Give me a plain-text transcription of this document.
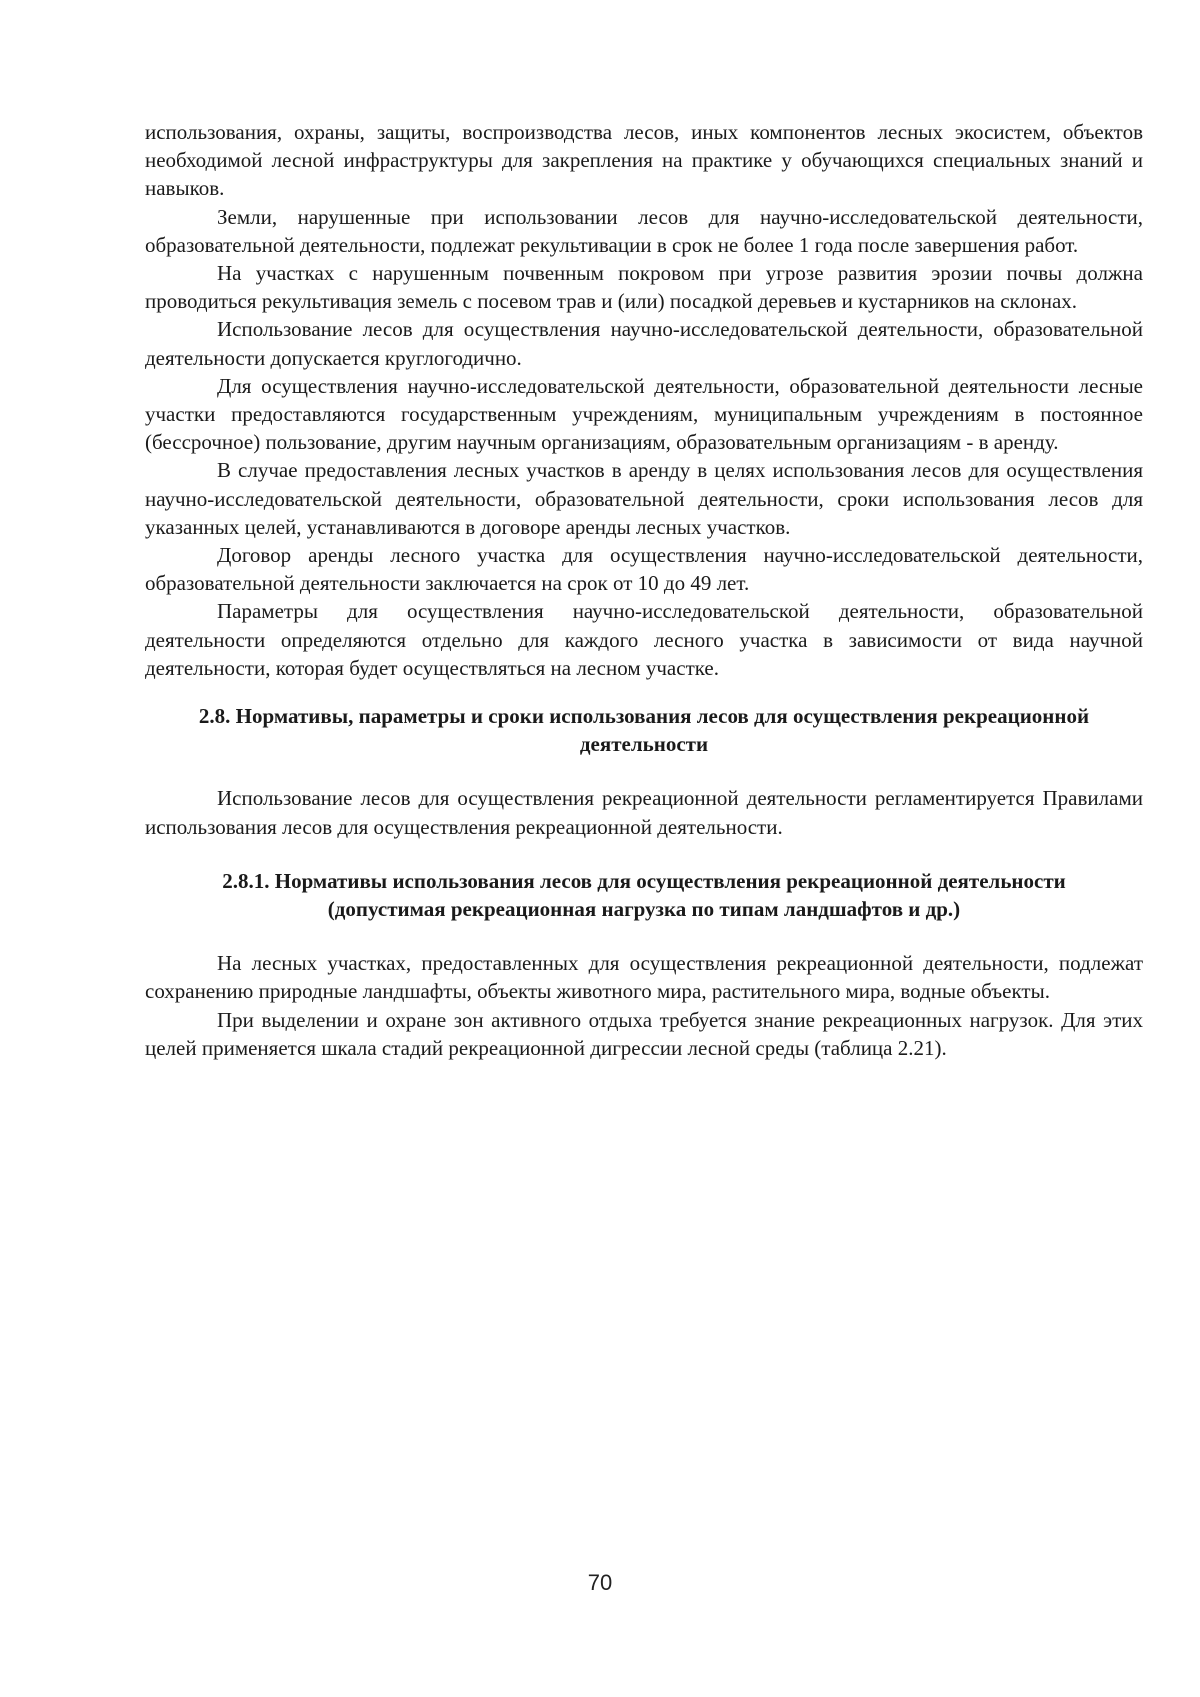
использования, охраны, защиты, воспроизводства лесов, иных компонентов лесных экосистем, объектов необходимой лесной инфраструктуры для закрепления на практике у обучающихся специальных знаний и навыков.

Земли, нарушенные при использовании лесов для научно-исследовательской деятельности, образовательной деятельности, подлежат рекультивации в срок не более 1 года после завершения работ.

На участках с нарушенным почвенным покровом при угрозе развития эрозии почвы должна проводиться рекультивация земель с посевом трав и (или) посадкой деревьев и кустарников на склонах.

Использование лесов для осуществления научно-исследовательской деятельности, образовательной деятельности допускается круглогодично.

Для осуществления научно-исследовательской деятельности, образовательной деятельности лесные участки предоставляются государственным учреждениям, муниципальным учреждениям в постоянное (бессрочное) пользование, другим научным организациям, образовательным организациям - в аренду.

В случае предоставления лесных участков в аренду в целях использования лесов для осуществления научно-исследовательской деятельности, образовательной деятельности, сроки использования лесов для указанных целей, устанавливаются в договоре аренды лесных участков.

Договор аренды лесного участка для осуществления научно-исследовательской деятельности, образовательной деятельности заключается на срок от 10 до 49 лет.

Параметры для осуществления научно-исследовательской деятельности, образовательной деятельности определяются отдельно для каждого лесного участка в зависимости от вида научной деятельности, которая будет осуществляться на лесном участке.

2.8. Нормативы, параметры и сроки использования лесов для осуществления рекреационной деятельности

Использование лесов для осуществления рекреационной деятельности регламентируется Правилами использования лесов для осуществления рекреационной деятельности.

2.8.1. Нормативы использования лесов для осуществления рекреационной деятельности (допустимая рекреационная нагрузка по типам ландшафтов и др.)

На лесных участках, предоставленных для осуществления рекреационной деятельности, подлежат сохранению природные ландшафты, объекты животного мира, растительного мира, водные объекты.

При выделении и охране зон активного отдыха требуется знание рекреационных нагрузок. Для этих целей применяется шкала стадий рекреационной дигрессии лесной среды (таблица 2.21).

70
